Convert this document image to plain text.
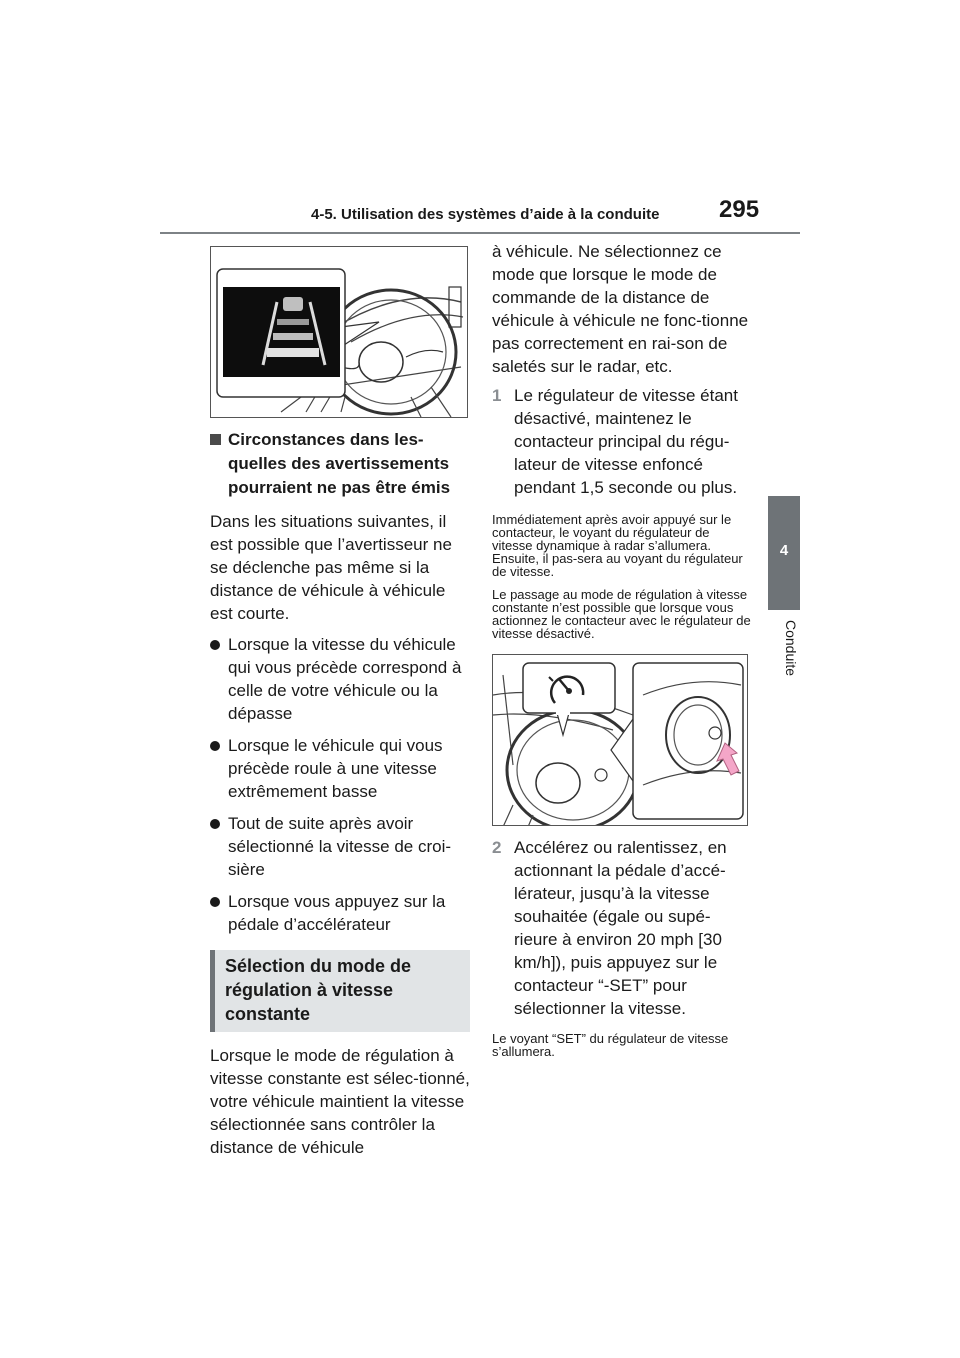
4-5. Utilisation des systèmes d’aide à la conduite 295
4
Conduite
Circonstances dans les-quelles des avertissements pourraient ne pas être émis

Dans les situations suivantes, il est possible que l’avertisseur ne se déclenche pas même si la distance de véhicule à véhicule est courte.

Lorsque la vitesse du véhicule qui vous précède correspond à celle de votre véhicule ou la dépasse
Lorsque le véhicule qui vous précède roule à une vitesse extrêmement basse
Tout de suite après avoir sélectionné la vitesse de croi-sière
Lorsque vous appuyez sur la pédale d’accélérateur
Sélection du mode de régulation à vitesse constante

Lorsque le mode de régulation à vitesse constante est sélec-tionné, votre véhicule maintient la vitesse sélectionnée sans contrôler la distance de véhicule

à véhicule. Ne sélectionnez ce mode que lorsque le mode de commande de la distance de véhicule à véhicule ne fonc-tionne pas correctement en rai-son de saletés sur le radar, etc.

1 Le régulateur de vitesse étant désactivé, maintenez le contacteur principal du régu-lateur de vitesse enfoncé pendant 1,5 seconde ou plus.

Immédiatement après avoir appuyé sur le contacteur, le voyant du régulateur de vitesse dynamique à radar s’allumera. Ensuite, il pas-sera au voyant du régulateur de vitesse.

Le passage au mode de régulation à vitesse constante n’est possible que lorsque vous actionnez le contacteur avec le régulateur de vitesse désactivé.

2 Accélérez ou ralentissez, en actionnant la pédale d’accé-lérateur, jusqu’à la vitesse souhaitée (égale ou supé-rieure à environ 20 mph [30 km/h]), puis appuyez sur le contacteur “-SET” pour sélectionner la vitesse.

Le voyant “SET” du régulateur de vitesse s’allumera.
